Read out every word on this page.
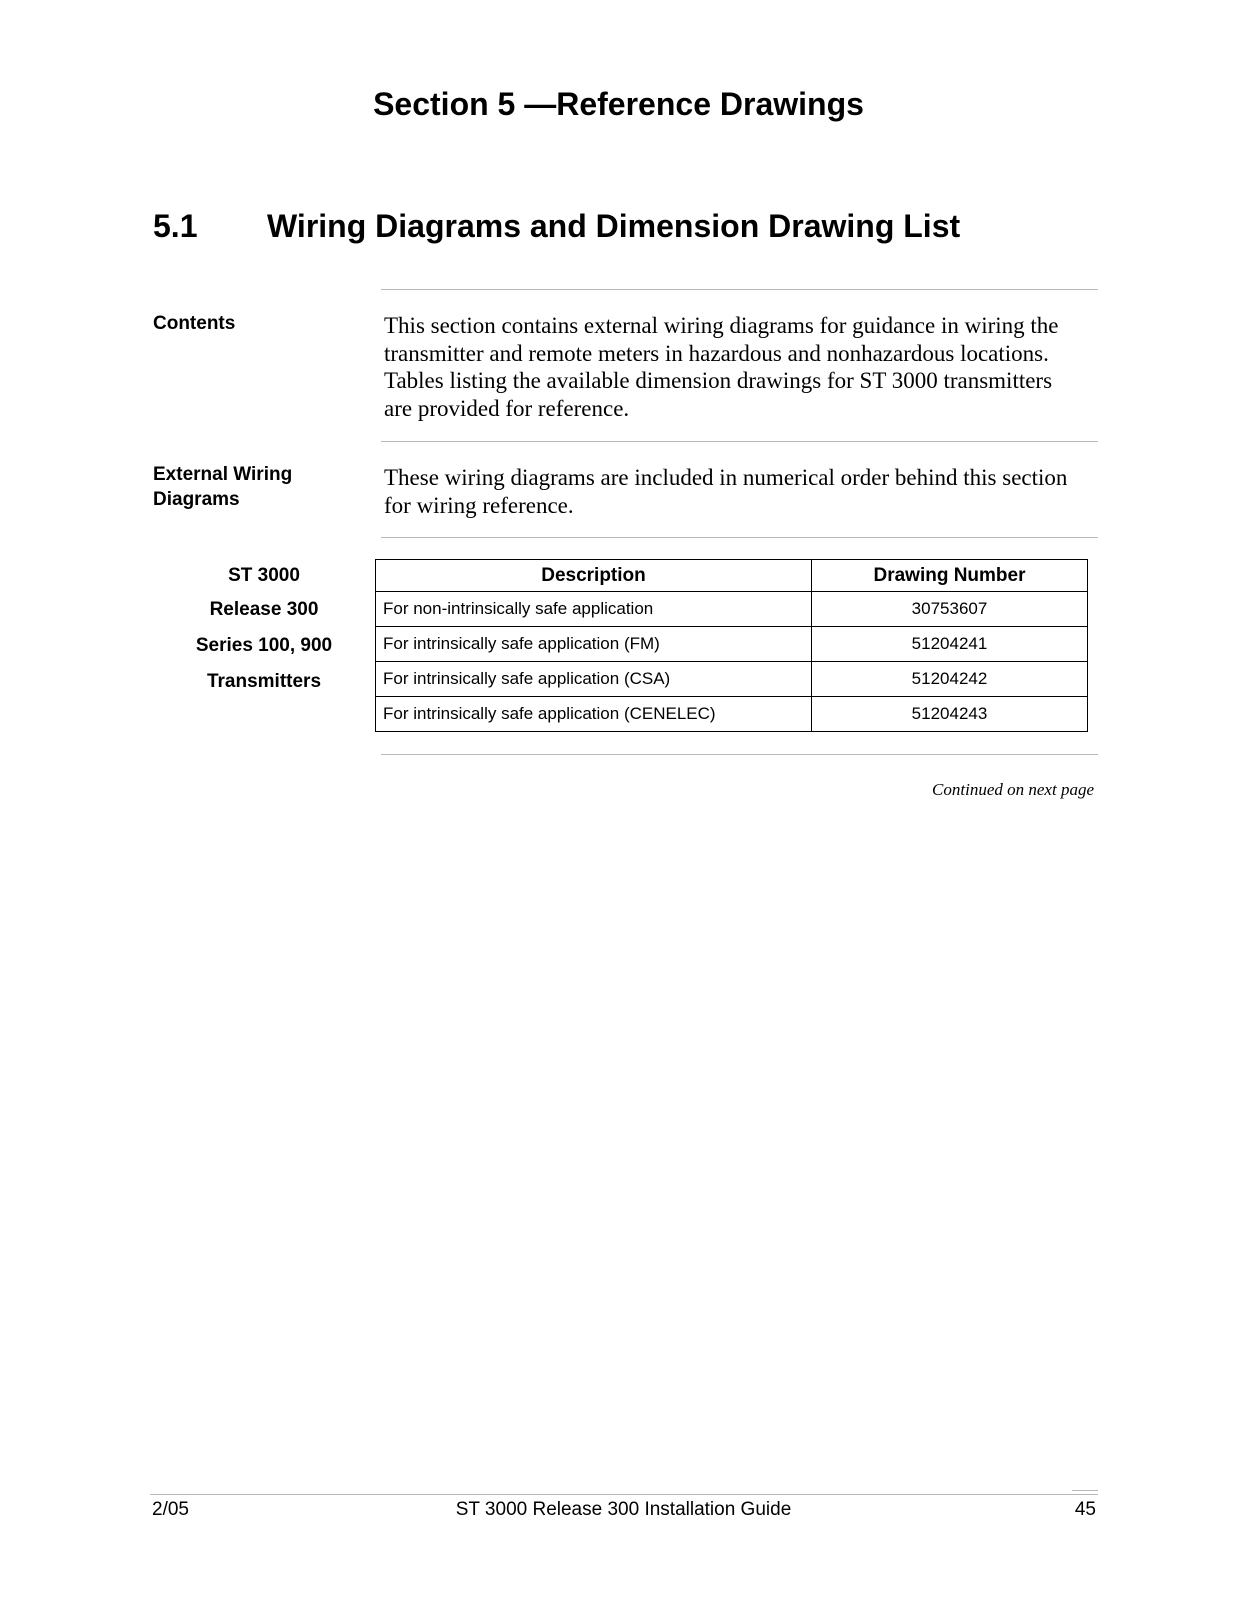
Section 5 —Reference Drawings
5.1 Wiring Diagrams and Dimension Drawing List
Contents	This section contains external wiring diagrams for guidance in wiring the transmitter and remote meters in hazardous and nonhazardous locations. Tables listing the available dimension drawings for ST 3000 transmitters are provided for reference.

External Wiring
Diagrams

These wiring diagrams are included in numerical order behind this section for wiring reference.

ST 3000
Release 300
Series 100, 900
Transmitters
Description	Drawing Number
For non-intrinsically safe application	30753607
For intrinsically safe application (FM)	51204241
For intrinsically safe application (CSA)	51204242
For intrinsically safe application (CENELEC)	51204243
Continued on next page
2/05	ST 3000 Release 300 Installation Guide	45
